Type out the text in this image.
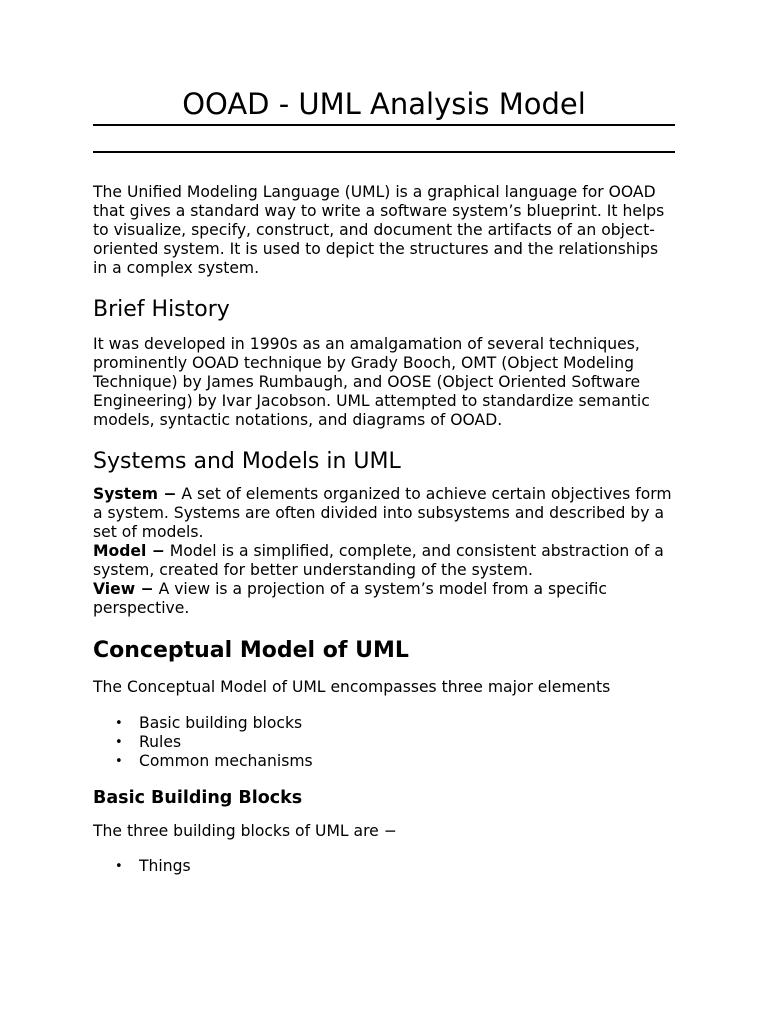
OOAD - UML Analysis Model

The Unified Modeling Language (UML) is a graphical language for OOAD that gives a standard way to write a software system’s blueprint. It helps to visualize, specify, construct, and document the artifacts of an object-oriented system. It is used to depict the structures and the relationships in a complex system.

Brief History

It was developed in 1990s as an amalgamation of several techniques, prominently OOAD technique by Grady Booch, OMT (Object Modeling Technique) by James Rumbaugh, and OOSE (Object Oriented Software Engineering) by Ivar Jacobson. UML attempted to standardize semantic models, syntactic notations, and diagrams of OOAD.

Systems and Models in UML

System − A set of elements organized to achieve certain objectives form a system. Systems are often divided into subsystems and described by a set of models.

Model − Model is a simplified, complete, and consistent abstraction of a system, created for better understanding of the system.

View − A view is a projection of a system’s model from a specific perspective.

Conceptual Model of UML

The Conceptual Model of UML encompasses three major elements

• Basic building blocks
• Rules
• Common mechanisms
Basic Building Blocks

The three building blocks of UML are −

• Things
